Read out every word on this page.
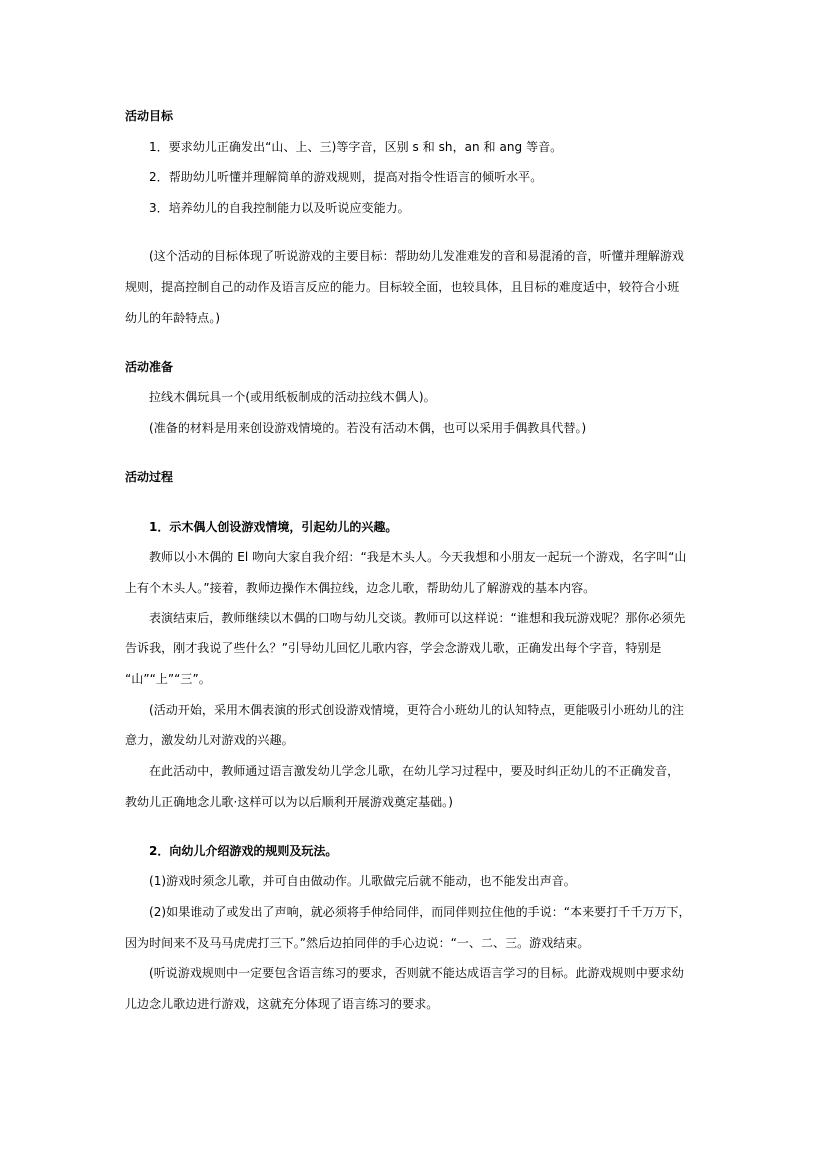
活动目标
1．要求幼儿正确发出“山、上、三)等字音，区别 s 和 sh，an 和 ang 等音。
2．帮助幼儿听懂并理解简单的游戏规则，提高对指令性语言的倾听水平。
3．培养幼儿的自我控制能力以及听说应变能力。
(这个活动的目标体现了听说游戏的主要目标：帮助幼儿发准难发的音和易混淆的音，听懂并理解游戏
规则，提高控制自己的动作及语言反应的能力。目标较全面，也较具体，且目标的难度适中，较符合小班
幼儿的年龄特点。)
活动准备
拉线木偶玩具一个(或用纸板制成的活动拉线木偶人)。
(准备的材料是用来创设游戏情境的。若没有活动木偶，也可以采用手偶教具代替。)
活动过程
1．示木偶人创设游戏情境，引起幼儿的兴趣。
教师以小木偶的 El 吻向大家自我介绍：“我是木头人。今天我想和小朋友一起玩一个游戏，名字叫“山
上有个木头人。”接着，教师边操作木偶拉线，边念儿歌，帮助幼儿了解游戏的基本内容。
表演结束后，教师继续以木偶的口吻与幼儿交谈。教师可以这样说：“谁想和我玩游戏呢？那你必须先
告诉我，刚才我说了些什么？”引导幼儿回忆儿歌内容，学会念游戏儿歌，正确发出每个字音，特别是
“山”“上”“三”。
(活动开始，采用木偶表演的形式创设游戏情境，更符合小班幼儿的认知特点，更能吸引小班幼儿的注
意力，激发幼儿对游戏的兴趣。
在此活动中，教师通过语言激发幼儿学念儿歌，在幼儿学习过程中，要及时纠正幼儿的不正确发音，
教幼儿正确地念儿歌·这样可以为以后顺利开展游戏奠定基础。)
2．向幼儿介绍游戏的规则及玩法。
(1)游戏时须念儿歌，并可自由做动作。儿歌做完后就不能动，也不能发出声音。
(2)如果谁动了或发出了声响，就必须将手伸给同伴，而同伴则拉住他的手说：“本来要打千千万万下，
因为时间来不及马马虎虎打三下。”然后边拍同伴的手心边说：“一、二、三。游戏结束。
(听说游戏规则中一定要包含语言练习的要求，否则就不能达成语言学习的目标。此游戏规则中要求幼
儿边念儿歌边进行游戏，这就充分体现了语言练习的要求。
